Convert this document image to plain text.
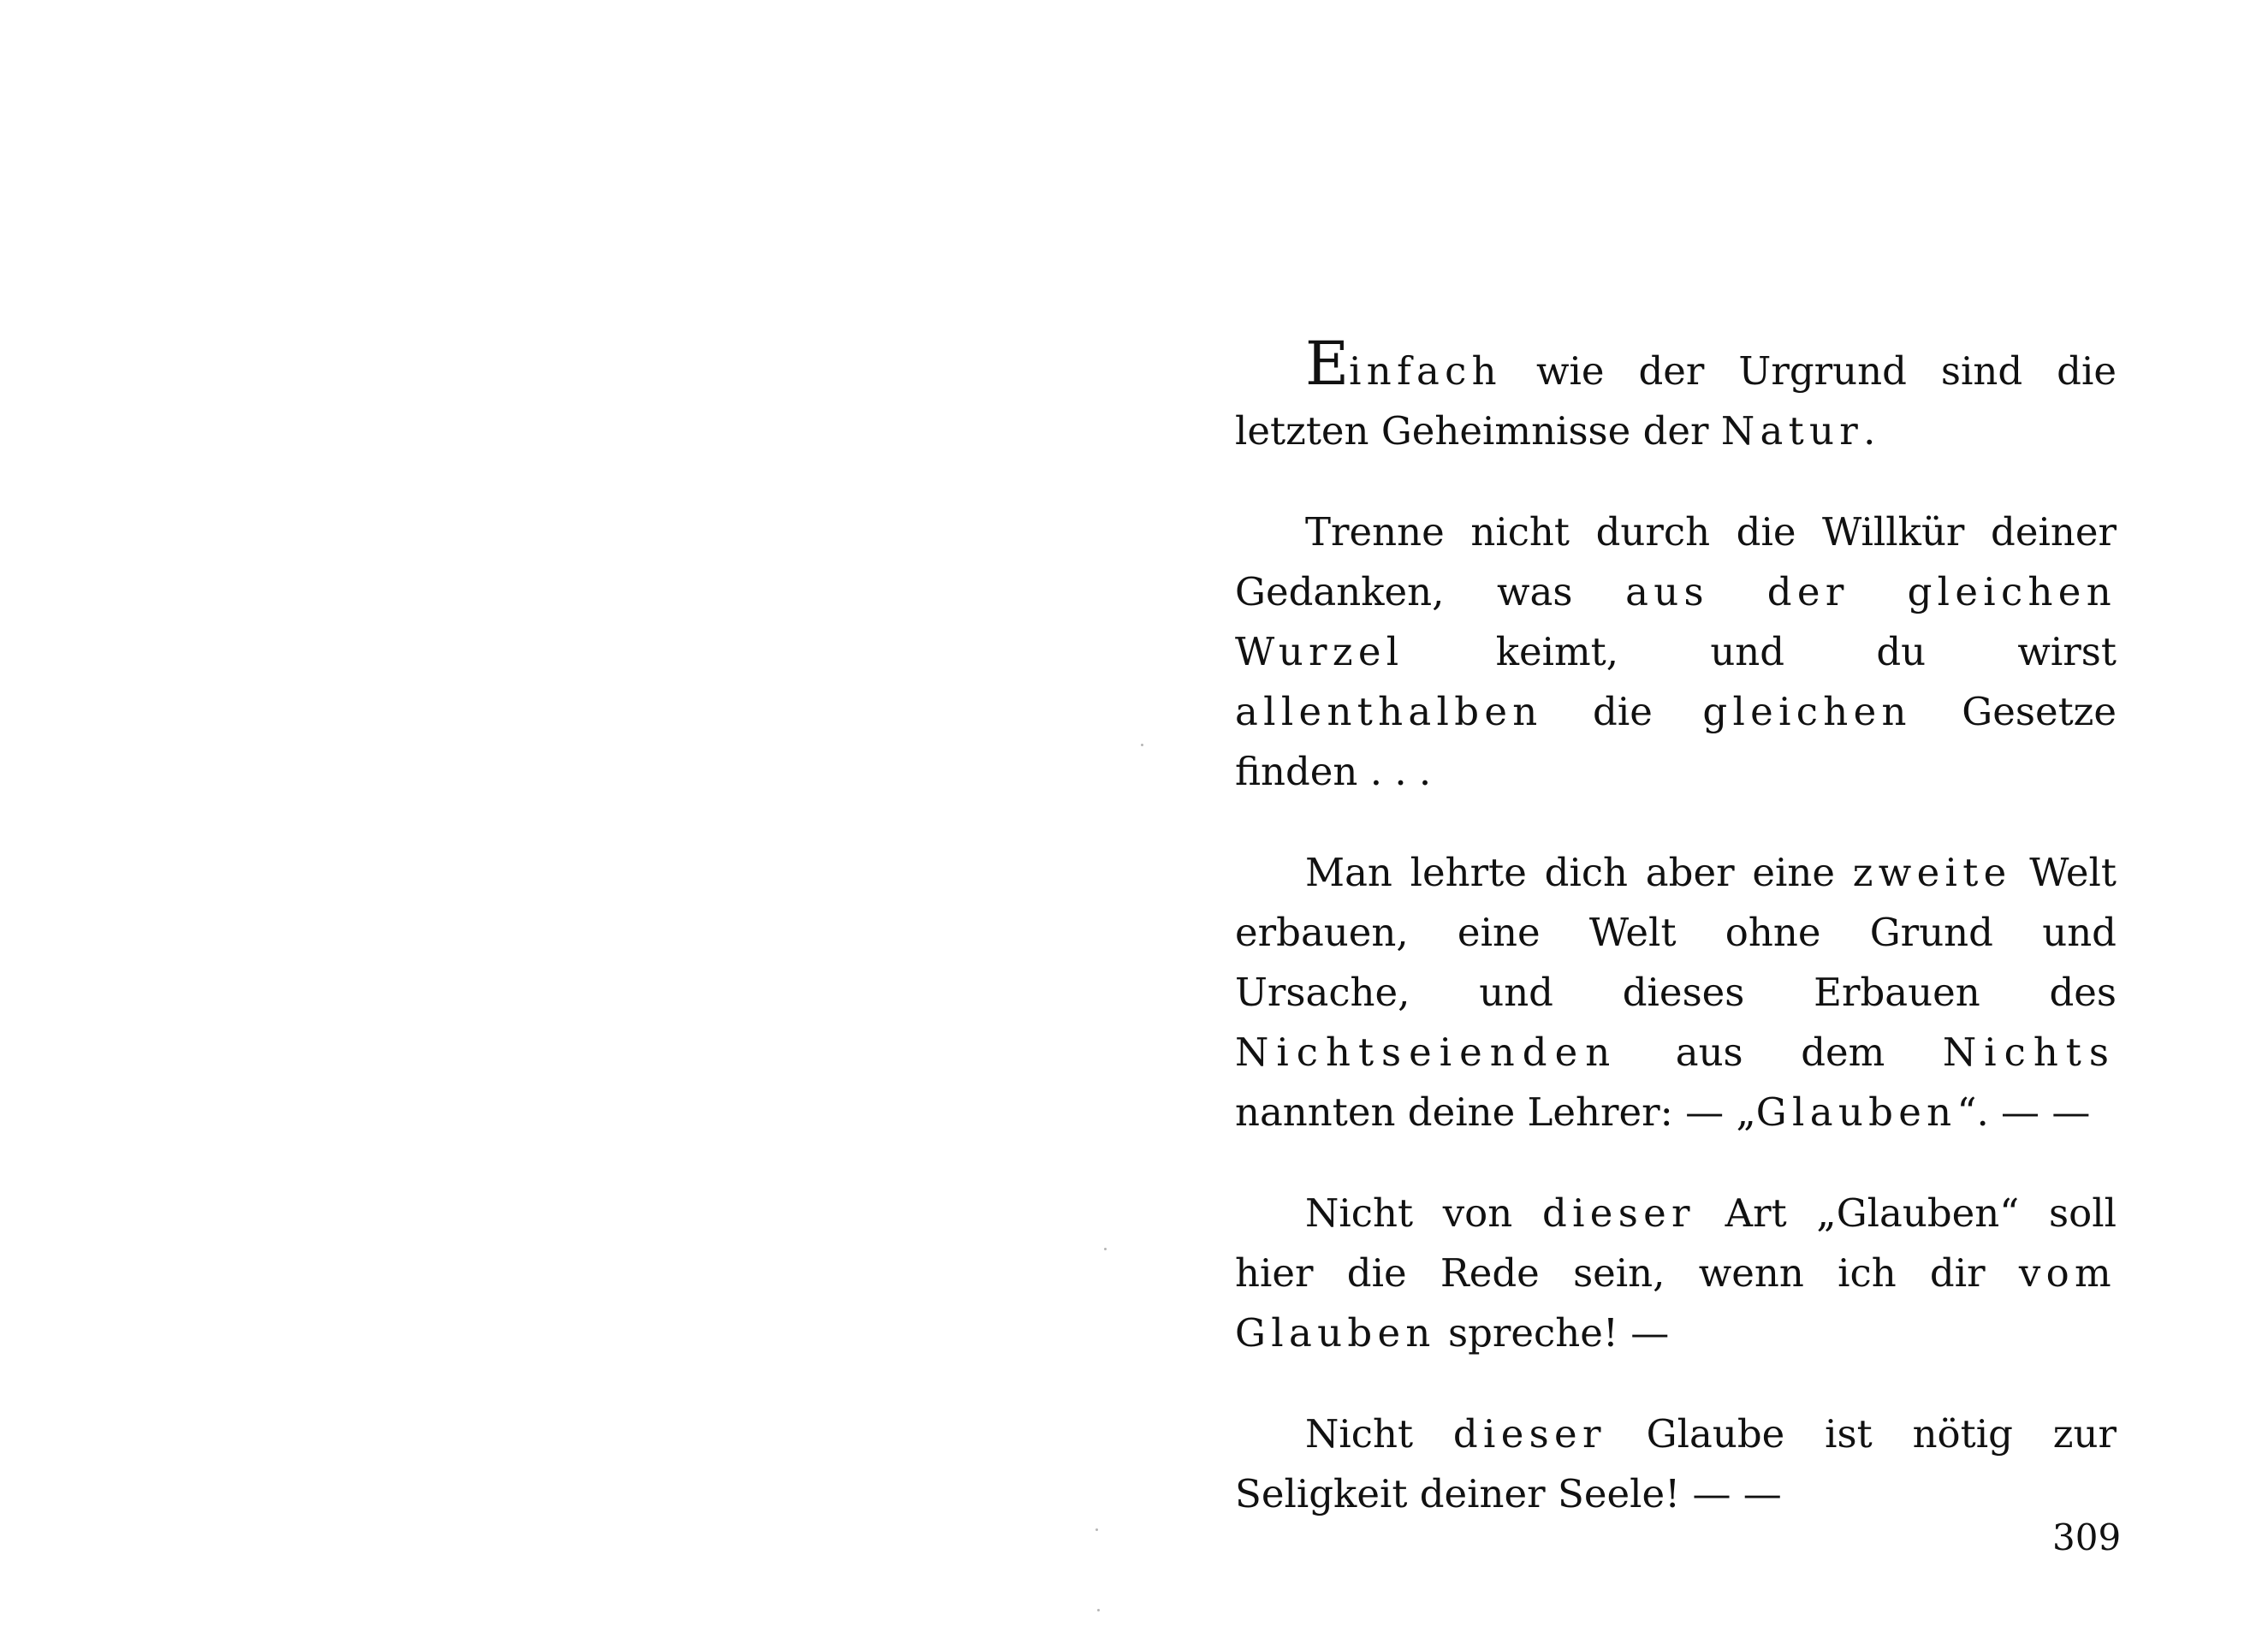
Einfach wie der Urgrund sind die letzten Geheimnisse der Natur.

Trenne nicht durch die Willkür deiner Gedanken, was aus der gleichen Wurzel keimt, und du wirst allenthalben die gleichen Gesetze finden . . .

Man lehrte dich aber eine zweite Welt erbauen, eine Welt ohne Grund und Ursache, und dieses Erbauen des Nichtseienden aus dem Nichts nannten deine Lehrer: — „Glauben“. — —

Nicht von dieser Art „Glauben“ soll hier die Rede sein, wenn ich dir vom Glauben spreche! —

Nicht dieser Glaube ist nötig zur Seligkeit deiner Seele! — —

309
